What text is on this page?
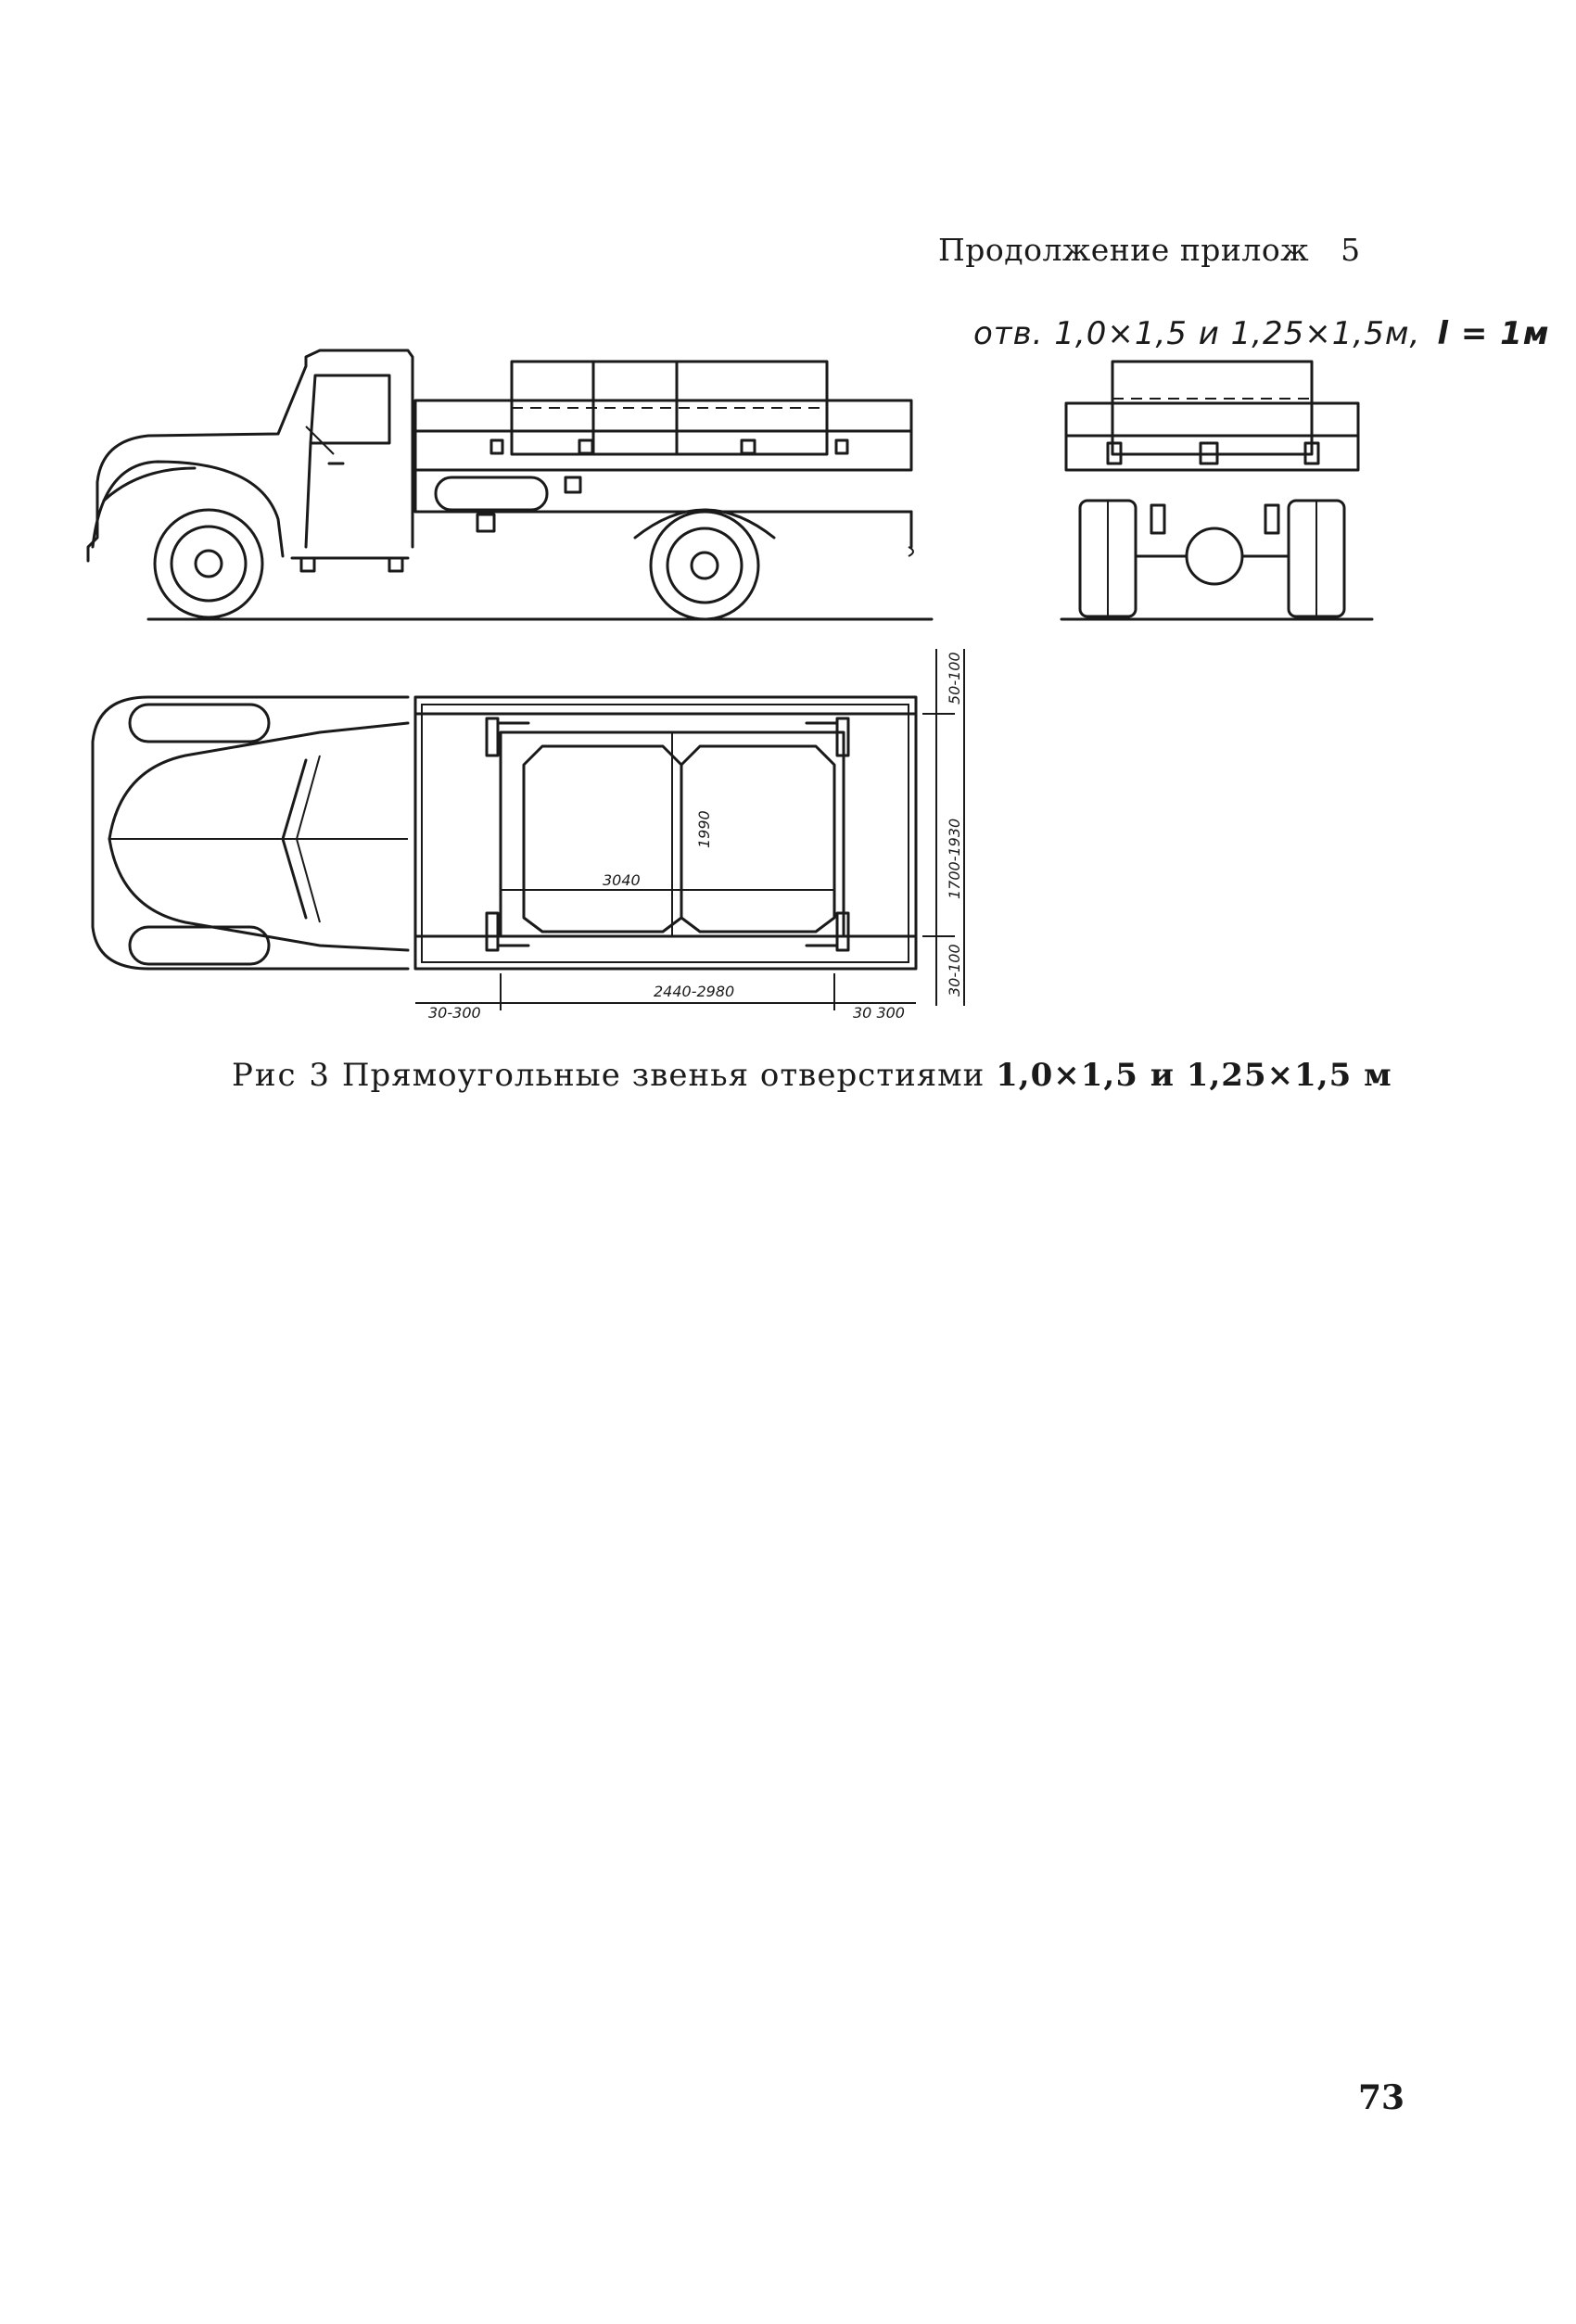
Продолжение прилож 5
отв. 1,0×1,5 и 1,25×1,5м, l = 1м
30-300
2440-2980
30 300
3040
1990
50-100
1700-1930
30-100
Рис 3 Прямоугольные звенья отверстиями 1,0×1,5 и 1,25×1,5 м
73
